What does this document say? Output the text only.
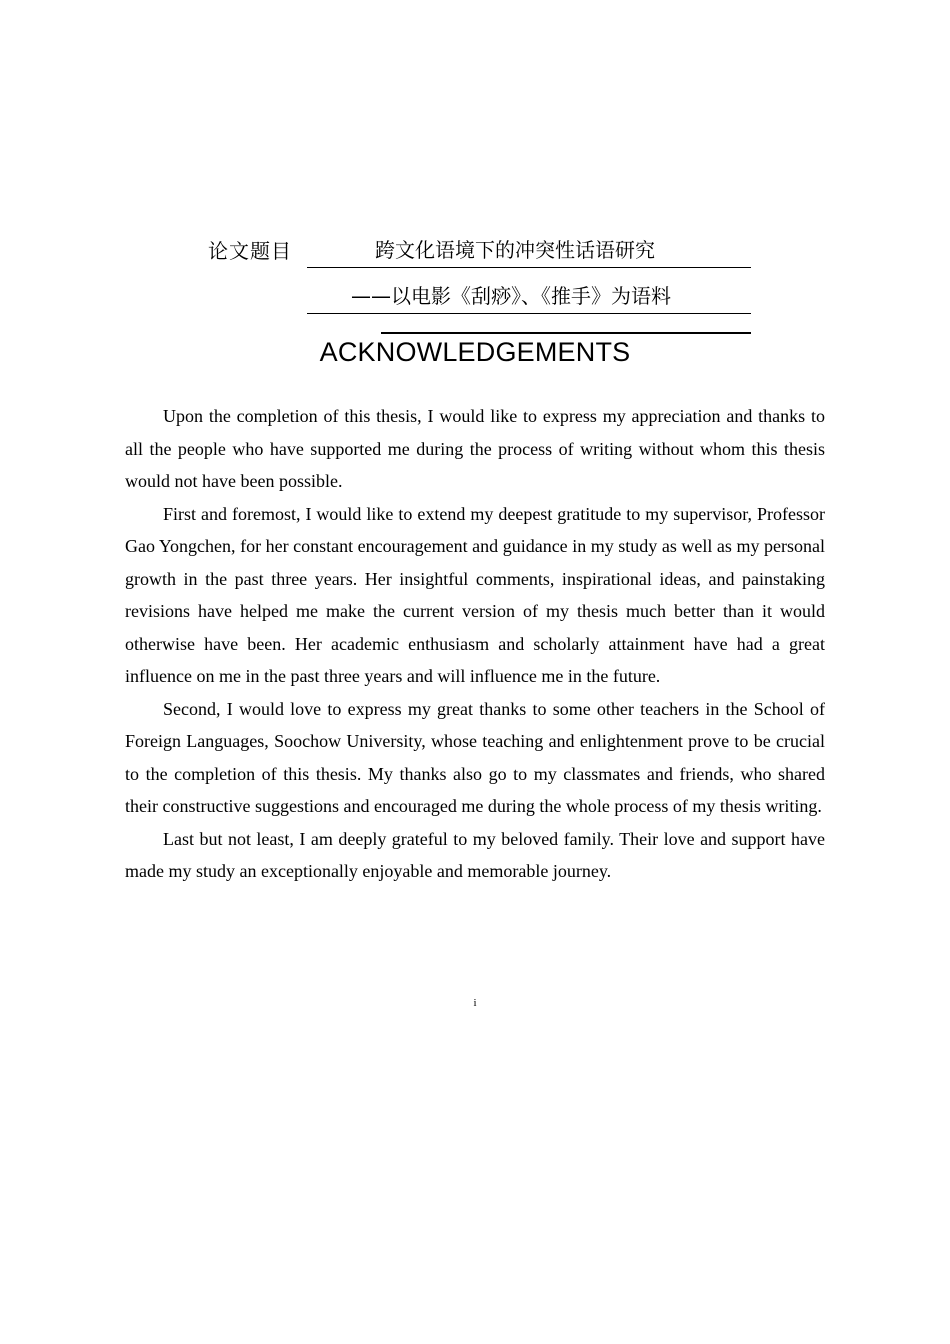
论文题目	跨文化语境下的冲突性话语研究
——以电影《刮痧》、《推手》为语料
ACKNOWLEDGEMENTS

Upon the completion of this thesis, I would like to express my appreciation and thanks to all the people who have supported me during the process of writing without whom this thesis would not have been possible.

First and foremost, I would like to extend my deepest gratitude to my supervisor, Professor Gao Yongchen, for her constant encouragement and guidance in my study as well as my personal growth in the past three years. Her insightful comments, inspirational ideas, and painstaking revisions have helped me make the current version of my thesis much better than it would otherwise have been. Her academic enthusiasm and scholarly attainment have had a great influence on me in the past three years and will influence me in the future.

Second, I would love to express my great thanks to some other teachers in the School of Foreign Languages, Soochow University, whose teaching and enlightenment prove to be crucial to the completion of this thesis. My thanks also go to my classmates and friends, who shared their constructive suggestions and encouraged me during the whole process of my thesis writing.

Last but not least, I am deeply grateful to my beloved family. Their love and support have made my study an exceptionally enjoyable and memorable journey.

i
